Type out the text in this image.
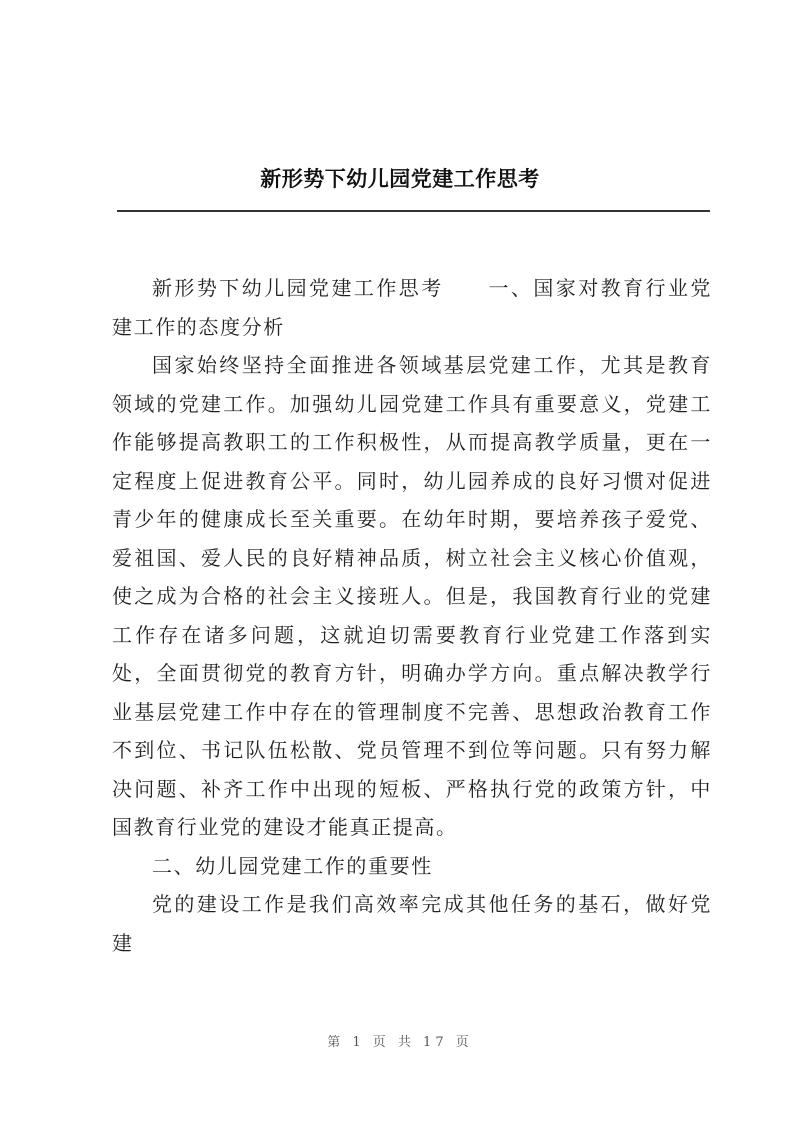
新形势下幼儿园党建工作思考

新形势下幼儿园党建工作思考　　一、国家对教育行业党建工作的态度分析

国家始终坚持全面推进各领域基层党建工作，尤其是教育领域的党建工作。加强幼儿园党建工作具有重要意义，党建工作能够提高教职工的工作积极性，从而提高教学质量，更在一定程度上促进教育公平。同时，幼儿园养成的良好习惯对促进青少年的健康成长至关重要。在幼年时期，要培养孩子爱党、爱祖国、爱人民的良好精神品质，树立社会主义核心价值观，使之成为合格的社会主义接班人。但是，我国教育行业的党建工作存在诸多问题，这就迫切需要教育行业党建工作落到实处，全面贯彻党的教育方针，明确办学方向。重点解决教学行业基层党建工作中存在的管理制度不完善、思想政治教育工作不到位、书记队伍松散、党员管理不到位等问题。只有努力解决问题、补齐工作中出现的短板、严格执行党的政策方针，中国教育行业党的建设才能真正提高。

二、幼儿园党建工作的重要性

党的建设工作是我们高效率完成其他任务的基石，做好党建

第 1 页 共 17 页
